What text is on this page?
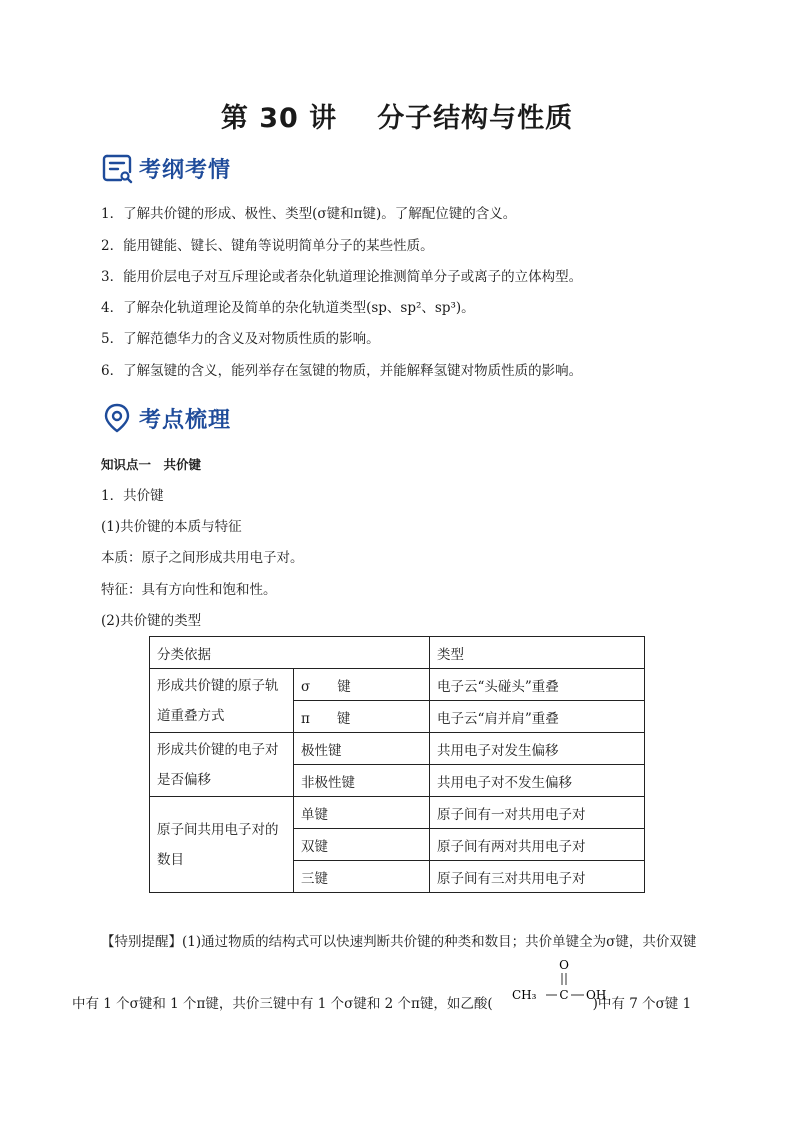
第 30 讲 分子结构与性质
考纲考情
1．了解共价键的形成、极性、类型(σ键和π键)。了解配位键的含义。
2．能用键能、键长、键角等说明简单分子的某些性质。
3．能用价层电子对互斥理论或者杂化轨道理论推测简单分子或离子的立体构型。
4．了解杂化轨道理论及简单的杂化轨道类型(sp、sp²、sp³)。
5．了解范德华力的含义及对物质性质的影响。
6．了解氢键的含义，能列举存在氢键的物质，并能解释氢键对物质性质的影响。
考点梳理
知识点一　共价键
1．共价键
(1)共价键的本质与特征
本质：原子之间形成共用电子对。
特征：具有方向性和饱和性。
(2)共价键的类型
分类依据		类型
形成共价键的原子轨道重叠方式	σ　　键	电子云“头碰头”重叠
	π　　键	电子云“肩并肩”重叠
形成共价键的电子对是否偏移	极性键	共用电子对发生偏移
	非极性键	共用电子对不发生偏移
原子间共用电子对的数目	单键	原子间有一对共用电子对
	双键	原子间有两对共用电子对
	三键	原子间有三对共用电子对
【特别提醒】(1)通过物质的结构式可以快速判断共价键的种类和数目；共价单键全为σ键，共价双键
中有 1 个σ键和 1 个π键，共价三键中有 1 个σ键和 2 个π键，如乙酸(	)中有 7 个σ键 1
O
CH₃ C OH
